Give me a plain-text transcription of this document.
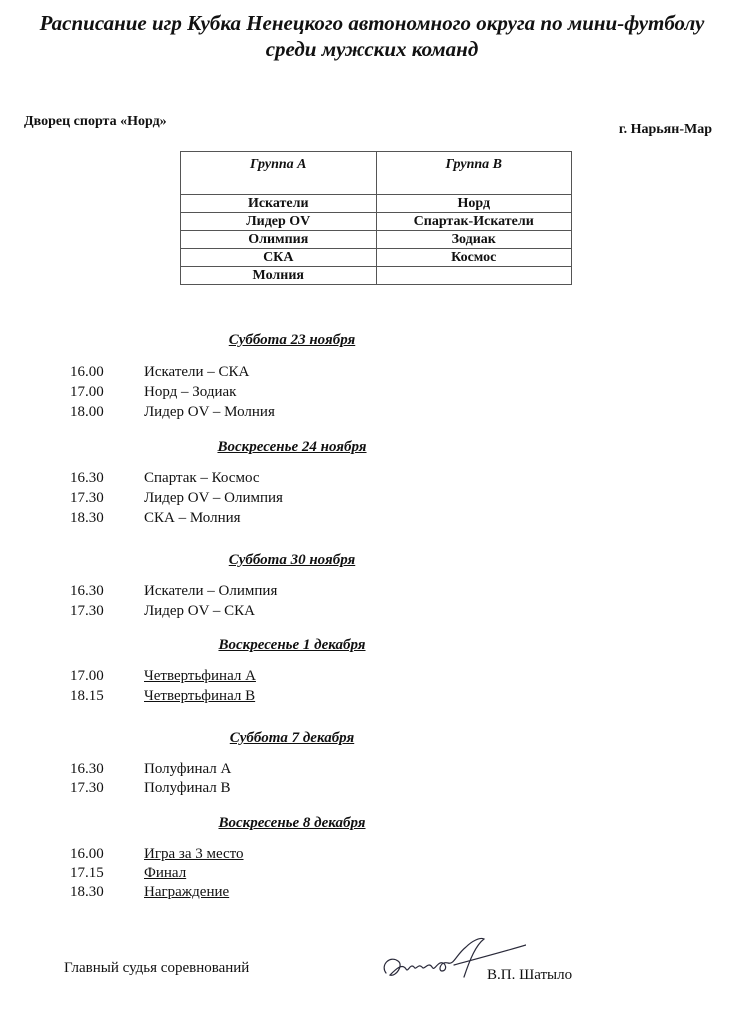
Расписание игр Кубка Ненецкого автономного округа по мини-футболу
среди мужских команд
Дворец спорта «Норд»
г. Нарьян-Мар
Группа А	Группа В
Искатели	Норд
Лидер OV	Спартак-Искатели
Олимпия	Зодиак
СКА	Космос
Молния	
Суббота 23 ноября
16.00	Искатели – СКА
17.00	Норд – Зодиак
18.00	Лидер OV – Молния
Воскресенье 24 ноября
16.30	Спартак – Космос
17.30	Лидер OV – Олимпия
18.30	СКА – Молния
Суббота 30 ноября
16.30	Искатели – Олимпия
17.30	Лидер OV – СКА
Воскресенье 1 декабря
17.00	Четвертьфинал А
18.15	Четвертьфинал В
Суббота 7 декабря
16.30	Полуфинал А
17.30	Полуфинал В
Воскресенье 8 декабря
16.00	Игра за 3 место
17.15	Финал
18.30	Награждение
Главный судья соревнований	В.П. Шатыло
